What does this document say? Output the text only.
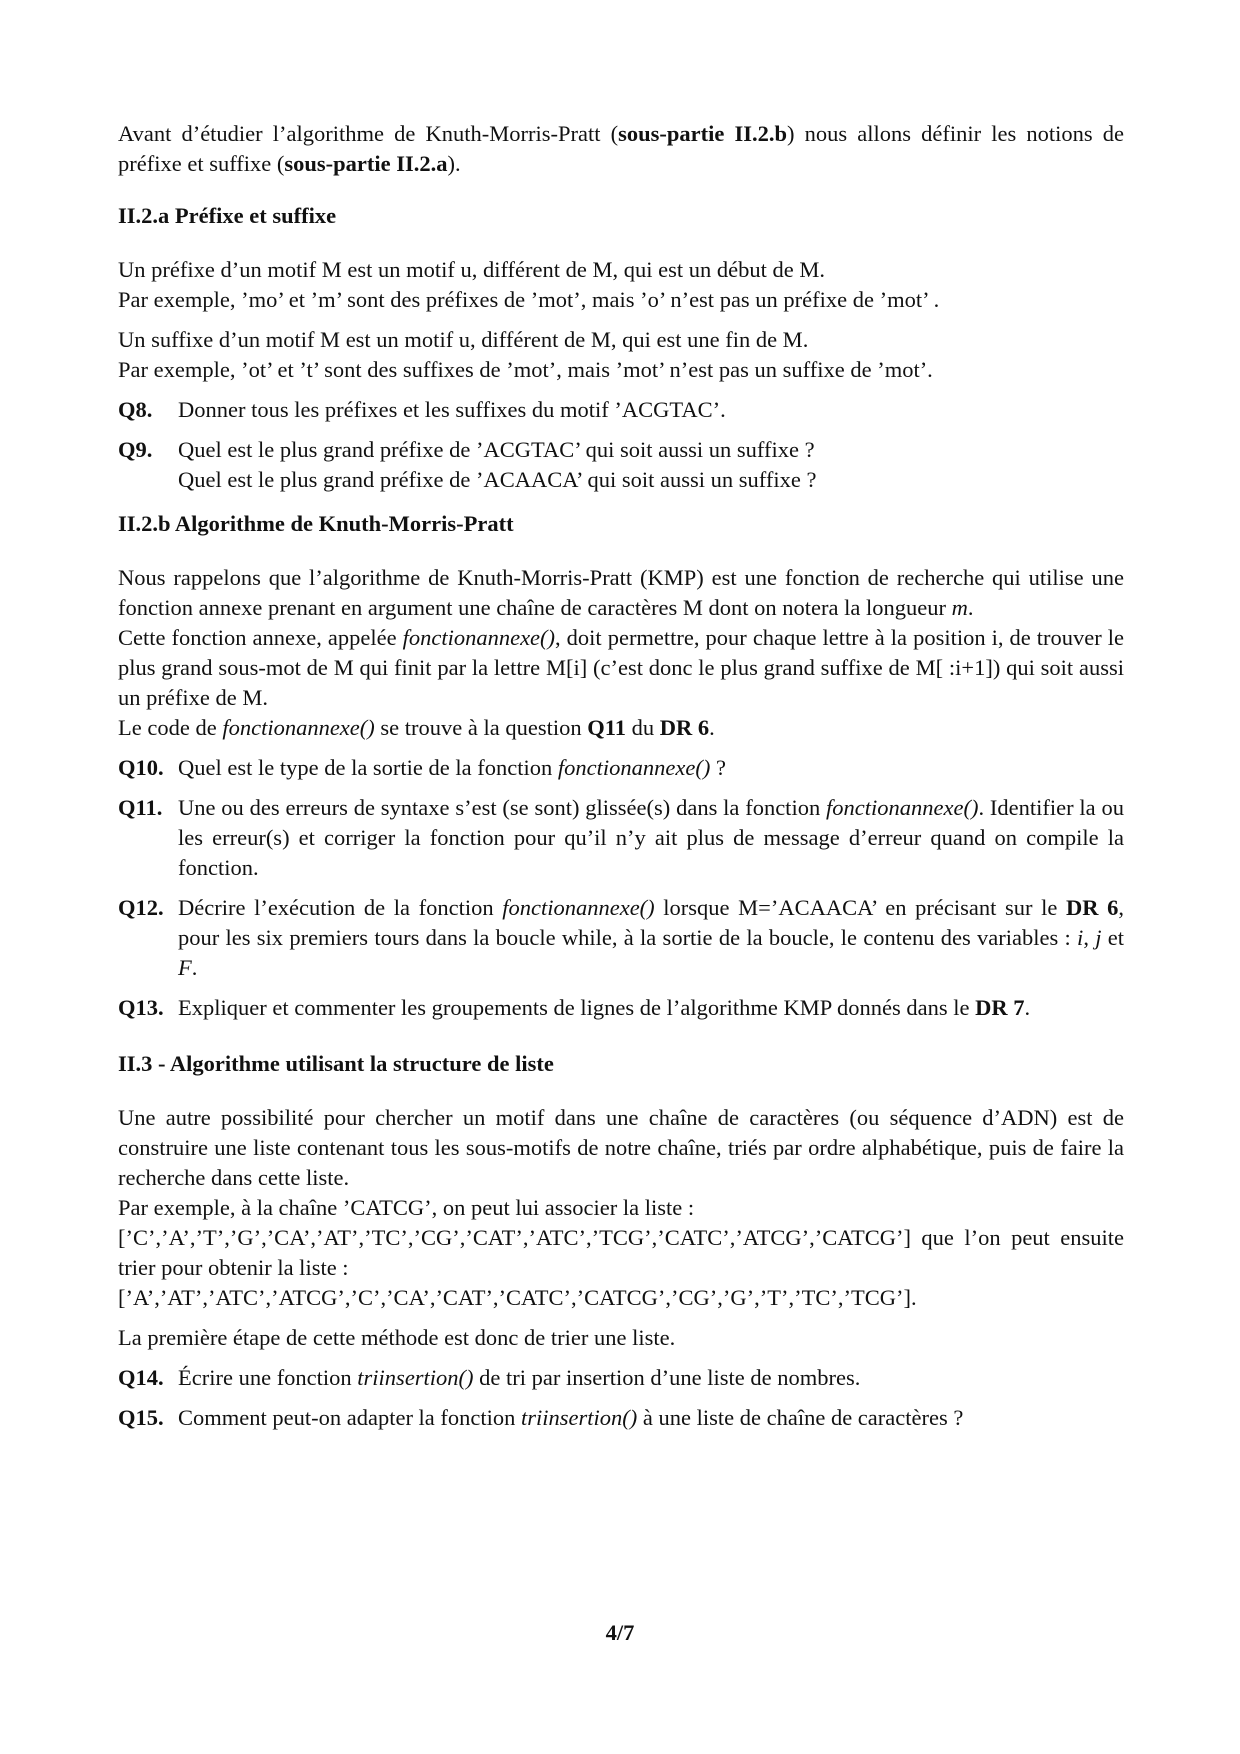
Avant d’étudier l’algorithme de Knuth-Morris-Pratt (sous-partie II.2.b) nous allons définir les notions de préfixe et suffixe (sous-partie II.2.a).

II.2.a Préfixe et suffixe

Un préfixe d’un motif M est un motif u, différent de M, qui est un début de M.
Par exemple, ’mo’ et ’m’ sont des préfixes de ’mot’, mais ’o’ n’est pas un préfixe de ’mot’ .

Un suffixe d’un motif M est un motif u, différent de M, qui est une fin de M.
Par exemple, ’ot’ et ’t’ sont des suffixes de ’mot’, mais ’mot’ n’est pas un suffixe de ’mot’.

Q8.	Donner tous les préfixes et les suffixes du motif ’ACGTAC’.
Q9.	Quel est le plus grand préfixe de ’ACGTAC’ qui soit aussi un suffixe ?
Quel est le plus grand préfixe de ’ACAACA’ qui soit aussi un suffixe ?
II.2.b Algorithme de Knuth-Morris-Pratt

Nous rappelons que l’algorithme de Knuth-Morris-Pratt (KMP) est une fonction de recherche qui utilise une fonction annexe prenant en argument une chaîne de caractères M dont on notera la longueur m.

Cette fonction annexe, appelée fonctionannexe(), doit permettre, pour chaque lettre à la position i, de trouver le plus grand sous-mot de M qui finit par la lettre M[i] (c’est donc le plus grand suffixe de M[ :i+1]) qui soit aussi un préfixe de M.

Le code de fonctionannexe() se trouve à la question Q11 du DR 6.

Q10. Quel est le type de la sortie de la fonction fonctionannexe() ?
Q11. Une ou des erreurs de syntaxe s’est (se sont) glissée(s) dans la fonction fonctionannexe(). Identifier la ou les erreur(s) et corriger la fonction pour qu’il n’y ait plus de message d’erreur quand on compile la fonction.
Q12. Décrire l’exécution de la fonction fonctionannexe() lorsque M=’ACAACA’ en précisant sur le DR 6, pour les six premiers tours dans la boucle while, à la sortie de la boucle, le contenu des variables : i, j et F.
Q13. Expliquer et commenter les groupements de lignes de l’algorithme KMP donnés dans le DR 7.
II.3 - Algorithme utilisant la structure de liste

Une autre possibilité pour chercher un motif dans une chaîne de caractères (ou séquence d’ADN) est de construire une liste contenant tous les sous-motifs de notre chaîne, triés par ordre alphabétique, puis de faire la recherche dans cette liste.

Par exemple, à la chaîne ’CATCG’, on peut lui associer la liste :

[’C’,’A’,’T’,’G’,’CA’,’AT’,’TC’,’CG’,’CAT’,’ATC’,’TCG’,’CATC’,’ATCG’,’CATCG’] que l’on peut ensuite trier pour obtenir la liste :

[’A’,’AT’,’ATC’,’ATCG’,’C’,’CA’,’CAT’,’CATC’,’CATCG’,’CG’,’G’,’T’,’TC’,’TCG’].

La première étape de cette méthode est donc de trier une liste.

Q14. Écrire une fonction triinsertion() de tri par insertion d’une liste de nombres.
Q15. Comment peut-on adapter la fonction triinsertion() à une liste de chaîne de caractères ?
4/7
